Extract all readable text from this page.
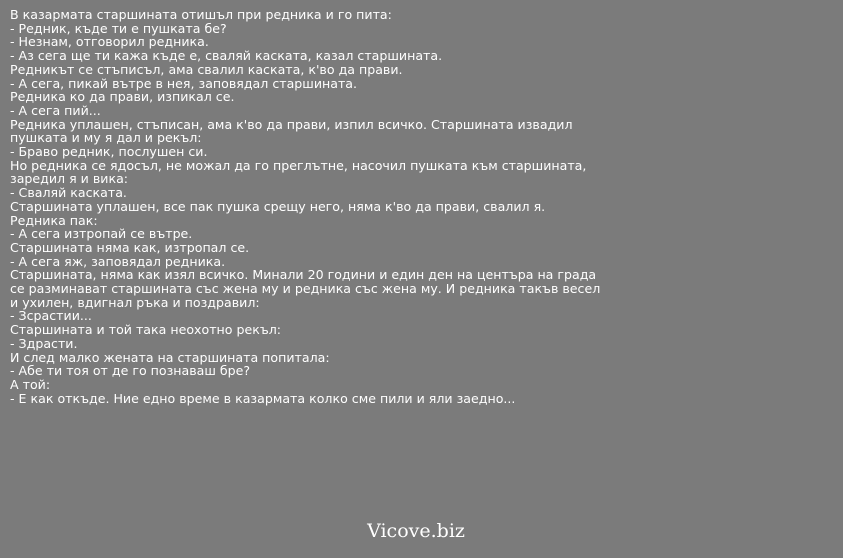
В казармата старшината отишъл при редника и го пита:
- Редник, къде ти е пушката бе?
- Незнам, отговорил редника.
- Аз сега ще ти кажа къде е, сваляй каската, казал старшината.
Редникът се стъписъл, ама свалил каската, к'во да прави.
- А сега, пикай вътре в нея, заповядал старшината.
Редника ко да прави, изпикал се.
- А сега пий...
Редника уплашен, стъписан, ама к'во да прави, изпил всичко. Старшината извадил
пушката и му я дал и рекъл:
- Браво редник, послушен си.
Но редника се ядосъл, не можал да го преглътне, насочил пушката към старшината,
заредил я и вика:
- Сваляй каската.
Старшината уплашен, все пак пушка срещу него, няма к'во да прави, свалил я.
Редника пак:
- А сега изтропай се вътре.
Старшината няма как, изтропал се.
- А сега яж, заповядал редника.
Старшината, няма как изял всичко. Минали 20 години и един ден на центъра на града
се разминават старшината със жена му и редника със жена му. И редника такъв весел
и ухилен, вдигнал ръка и поздравил:
- Зсрастии...
Старшината и той така неохотно рекъл:
- Здрасти.
И след малко жената на старшината попитала:
- Абе ти тоя от де го познаваш бре?
А той:
- Е как откъде. Ние едно време в казармата колко сме пили и яли заедно...
Vicove.biz
